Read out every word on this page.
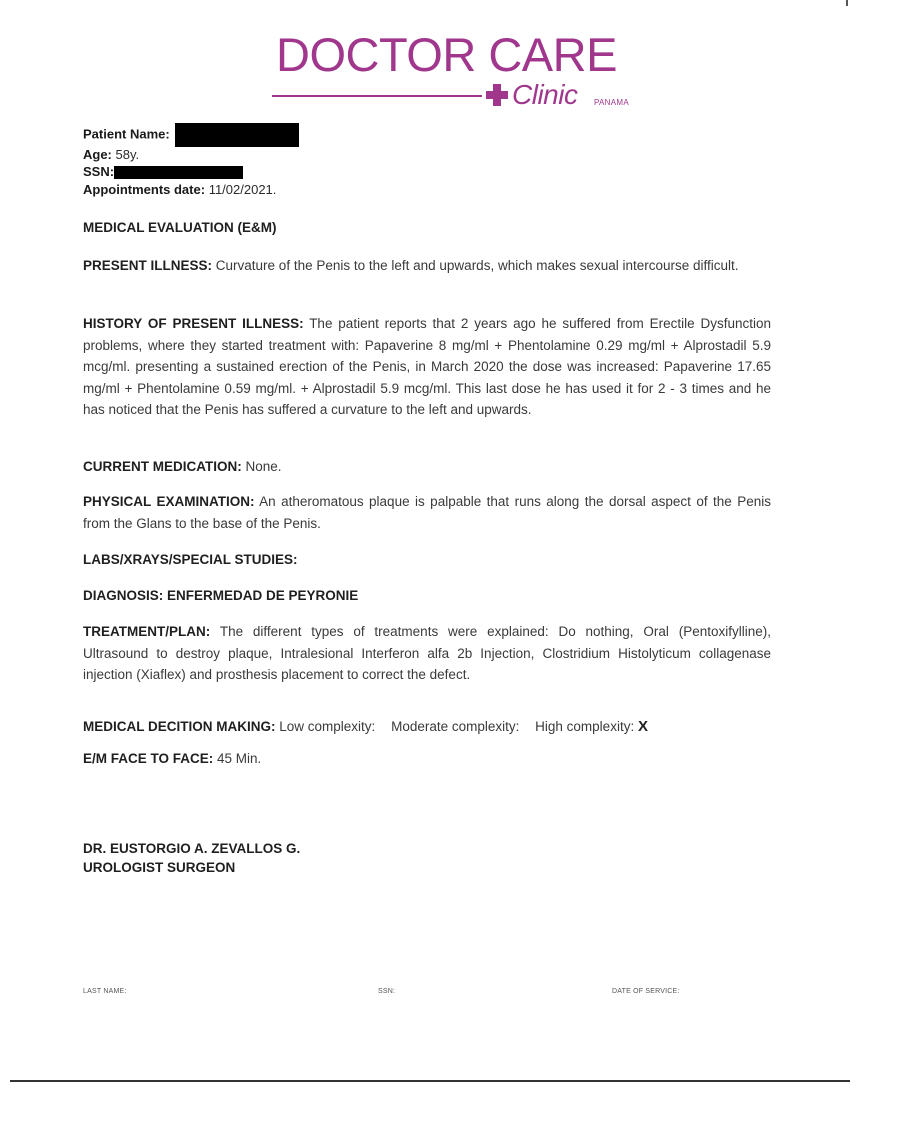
DOCTOR CARE
Clinic PANAMA
Patient Name:
Age: 58y.
SSN:
Appointments date: 11/02/2021.
MEDICAL EVALUATION (E&M)
PRESENT ILLNESS: Curvature of the Penis to the left and upwards, which makes sexual intercourse difficult.
HISTORY OF PRESENT ILLNESS: The patient reports that 2 years ago he suffered from Erectile Dysfunction problems, where they started treatment with: Papaverine 8 mg/ml + Phentolamine 0.29 mg/ml + Alprostadil 5.9 mcg/ml. presenting a sustained erection of the Penis, in March 2020 the dose was increased: Papaverine 17.65 mg/ml + Phentolamine 0.59 mg/ml. + Alprostadil 5.9 mcg/ml. This last dose he has used it for 2 - 3 times and he has noticed that the Penis has suffered a curvature to the left and upwards.
CURRENT MEDICATION: None.
PHYSICAL EXAMINATION: An atheromatous plaque is palpable that runs along the dorsal aspect of the Penis from the Glans to the base of the Penis.
LABS/XRAYS/SPECIAL STUDIES:
DIAGNOSIS: ENFERMEDAD DE PEYRONIE
TREATMENT/PLAN: The different types of treatments were explained: Do nothing, Oral (Pentoxifylline), Ultrasound to destroy plaque, Intralesional Interferon alfa 2b Injection, Clostridium Histolyticum collagenase injection (Xiaflex) and prosthesis placement to correct the defect.
MEDICAL DECITION MAKING: Low complexity: Moderate complexity: High complexity: X
E/M FACE TO FACE: 45 Min.
DR. EUSTORGIO A. ZEVALLOS G.
UROLOGIST SURGEON
LAST NAME:	SSN:	DATE OF SERVICE:
